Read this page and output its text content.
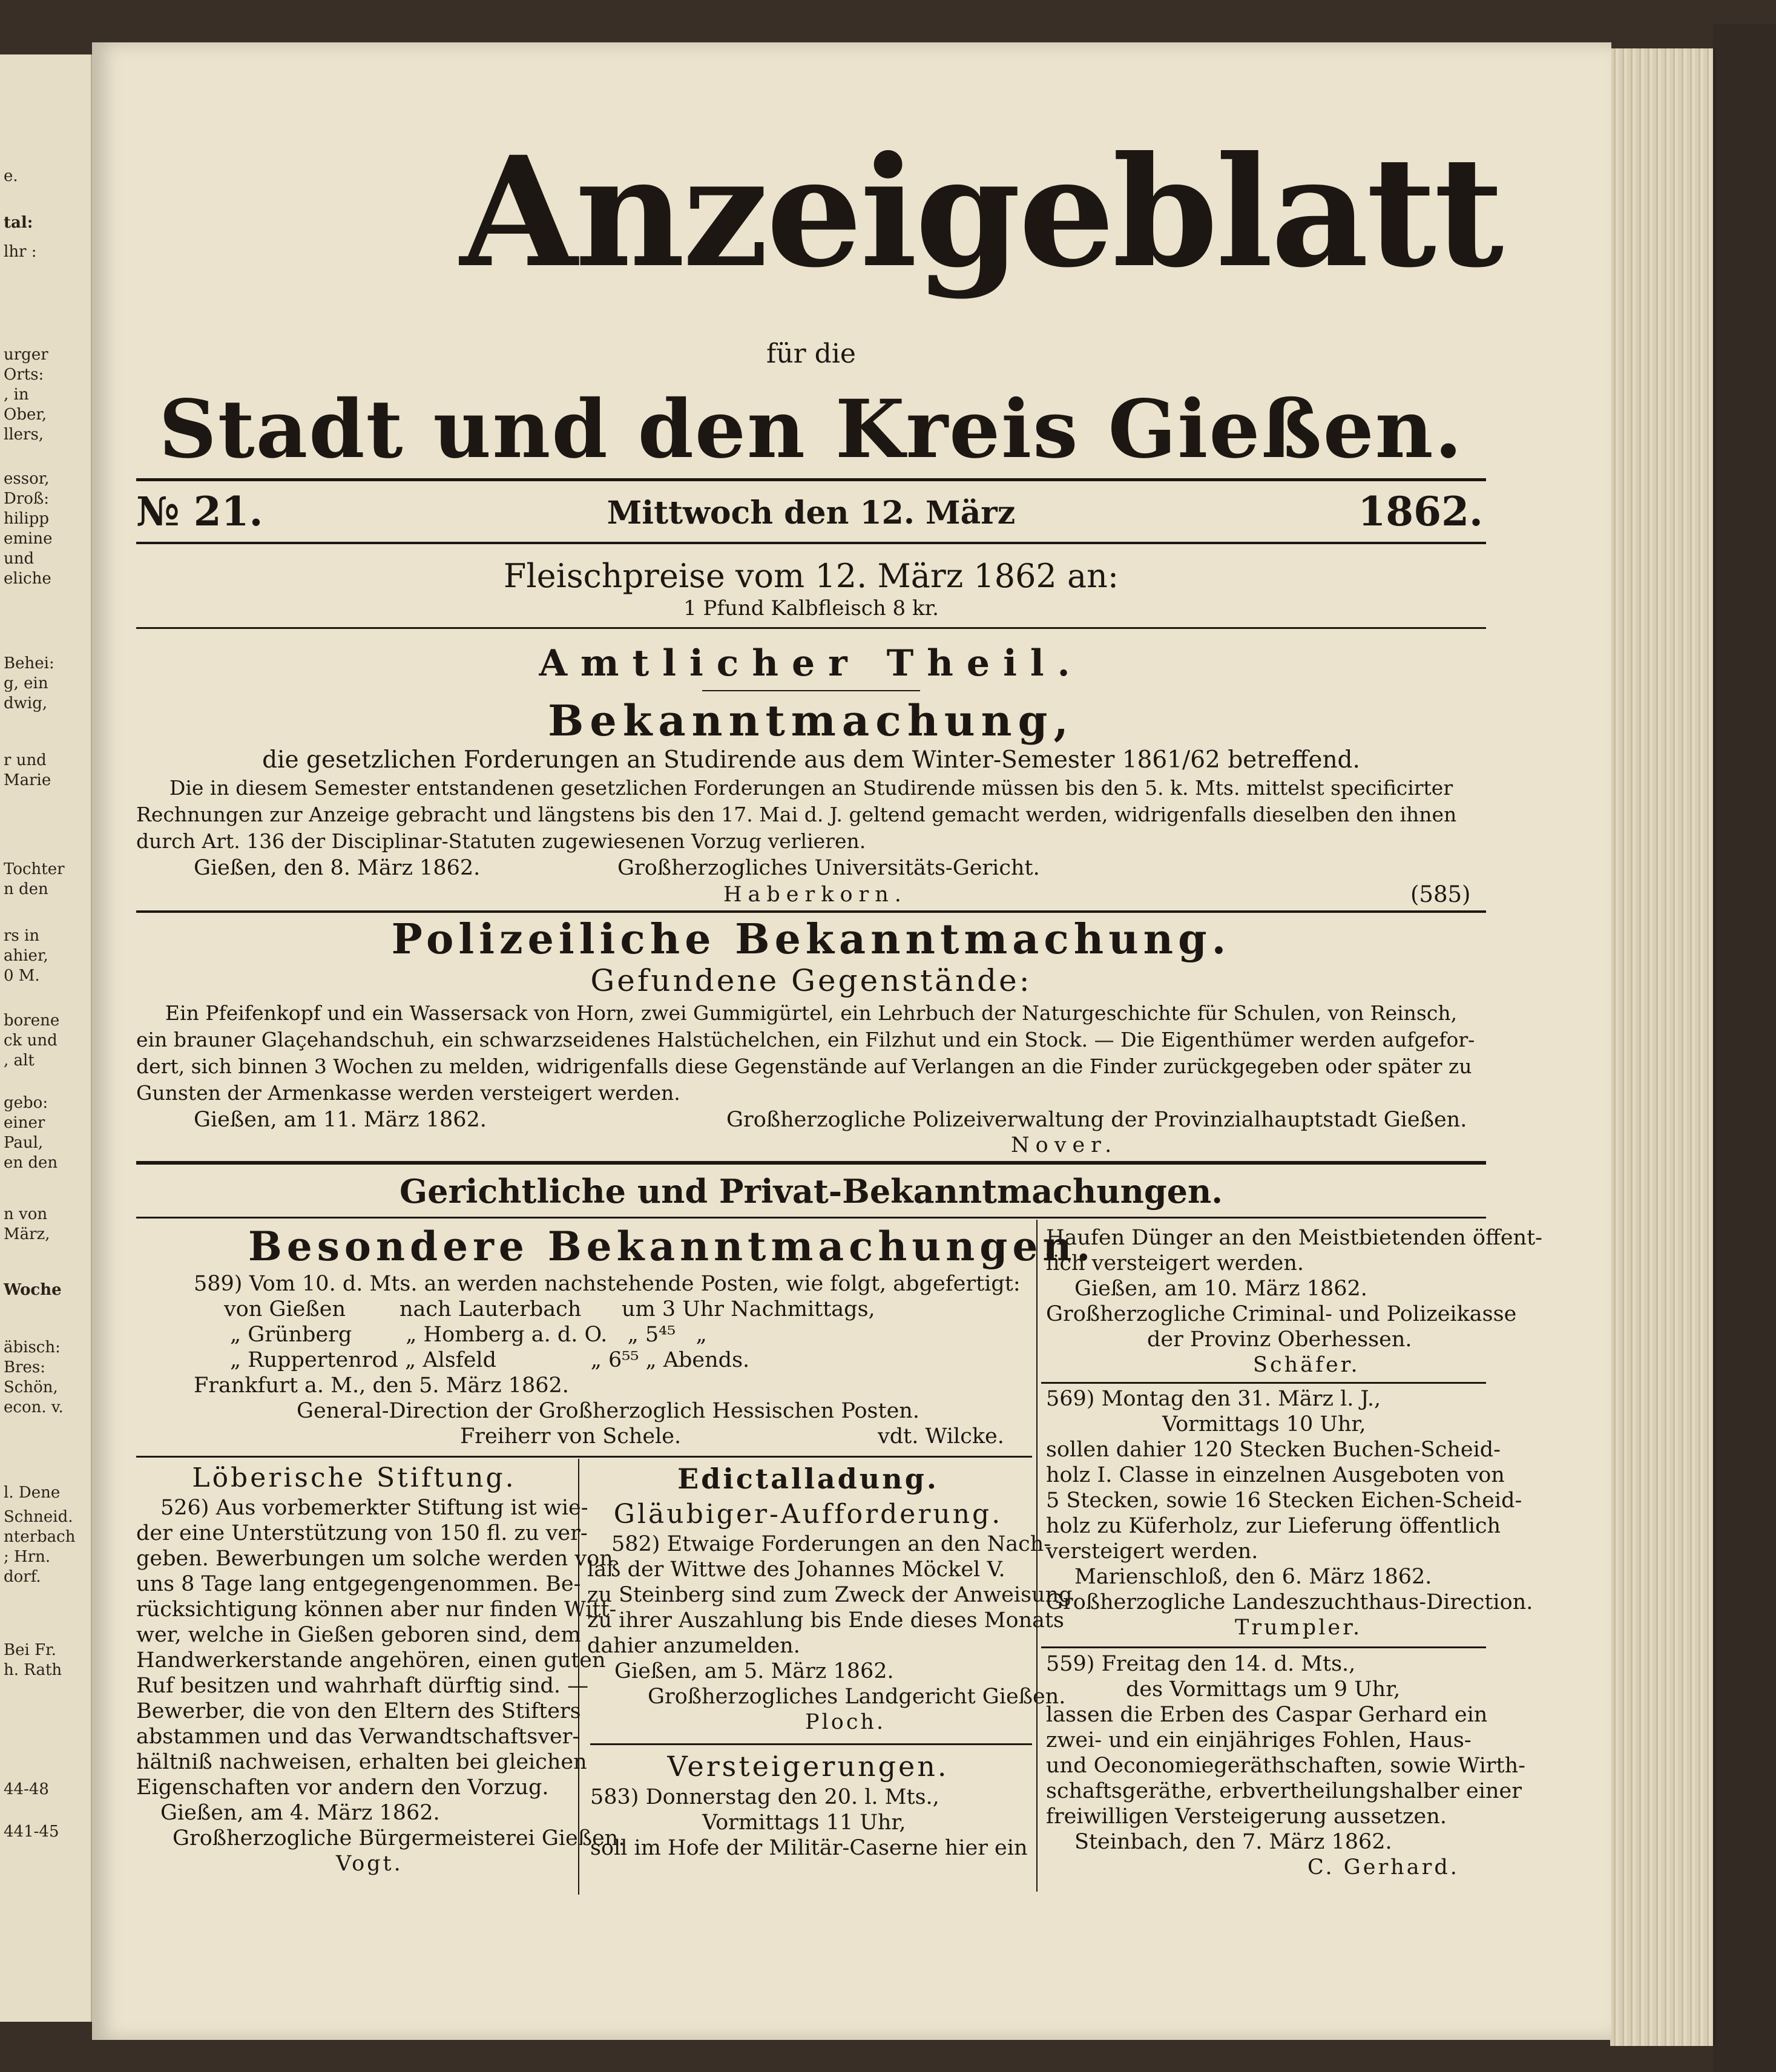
e.
tal:
lhr :
urger
Orts:
, in
Ober,
llers,
essor,
Droß:
hilipp
emine
und
eliche
Behei:
g, ein
dwig,
r und
Marie
Tochter
n den
rs in
ahier,
0 M.
borene
ck und
, alt
gebo:
einer
Paul,
en den
n von
März,
Woche
äbisch:
Bres:
Schön,
econ. v.
l. Dene
Schneid.
nterbach
; Hrn.
dorf.
Bei Fr.
h. Rath
44-48
441-45
Anzeigeblatt
für die
Stadt und den Kreis Gießen.
№ 21.	Mittwoch den 12. März	1862.
Fleischpreise vom 12. März 1862 an:
1 Pfund Kalbfleisch 8 kr.
Amtlicher Theil.
Bekanntmachung,
die gesetzlichen Forderungen an Studirende aus dem Winter-Semester 1861/62 betreffend.
Die in diesem Semester entstandenen gesetzlichen Forderungen an Studirende müssen bis den 5. k. Mts. mittelst specificirter
Rechnungen zur Anzeige gebracht und längstens bis den 17. Mai d. J. geltend gemacht werden, widrigenfalls dieselben den ihnen
durch Art. 136 der Disciplinar-Statuten zugewiesenen Vorzug verlieren.
Gießen, den 8. März 1862.	Großherzogliches Universitäts-Gericht.
Haberkorn.	(585)
Polizeiliche Bekanntmachung.
Gefundene Gegenstände:
Ein Pfeifenkopf und ein Wassersack von Horn, zwei Gummigürtel, ein Lehrbuch der Naturgeschichte für Schulen, von Reinsch,
ein brauner Glaçehandschuh, ein schwarzseidenes Halstüchelchen, ein Filzhut und ein Stock. — Die Eigenthümer werden aufgefor-
dert, sich binnen 3 Wochen zu melden, widrigenfalls diese Gegenstände auf Verlangen an die Finder zurückgegeben oder später zu
Gunsten der Armenkasse werden versteigert werden.
Gießen, am 11. März 1862.	Großherzogliche Polizeiverwaltung der Provinzialhauptstadt Gießen.
Nover.
Gerichtliche und Privat-Bekanntmachungen.
Besondere Bekanntmachungen.
589) Vom 10. d. Mts. an werden nachstehende Posten, wie folgt, abgefertigt:
von Gießen        nach Lauterbach      um 3 Uhr Nachmittags,
„ Grünberg        „ Homberg a. d. O.   „ 5⁴⁵   „
„ Ruppertenrod „ Alsfeld              „ 6⁵⁵ „ Abends.
Frankfurt a. M., den 5. März 1862.
General-Direction der Großherzoglich Hessischen Posten.
Freiherr von Schele.	vdt. Wilcke.
Haufen Dünger an den Meistbietenden öffent-
lich versteigert werden.
Gießen, am 10. März 1862.
Großherzogliche Criminal- und Polizeikasse
der Provinz Oberhessen.
Schäfer.
569) Montag den 31. März l. J.,
Vormittags 10 Uhr,
sollen dahier 120 Stecken Buchen-Scheid-
holz I. Classe in einzelnen Ausgeboten von
5 Stecken, sowie 16 Stecken Eichen-Scheid-
holz zu Küferholz, zur Lieferung öffentlich
versteigert werden.
Marienschloß, den 6. März 1862.
Großherzogliche Landeszuchthaus-Direction.
Trumpler.
559) Freitag den 14. d. Mts.,
des Vormittags um 9 Uhr,
lassen die Erben des Caspar Gerhard ein
zwei- und ein einjähriges Fohlen, Haus-
und Oeconomiegeräthschaften, sowie Wirth-
schaftsgeräthe, erbvertheilungshalber einer
freiwilligen Versteigerung aussetzen.
Steinbach, den 7. März 1862.
C. Gerhard.
Löberische Stiftung.
526) Aus vorbemerkter Stiftung ist wie-
der eine Unterstützung von 150 fl. zu ver-
geben. Bewerbungen um solche werden von
uns 8 Tage lang entgegengenommen. Be-
rücksichtigung können aber nur finden Witt-
wer, welche in Gießen geboren sind, dem
Handwerkerstande angehören, einen guten
Ruf besitzen und wahrhaft dürftig sind. —
Bewerber, die von den Eltern des Stifters
abstammen und das Verwandtschaftsver-
hältniß nachweisen, erhalten bei gleichen
Eigenschaften vor andern den Vorzug.
Gießen, am 4. März 1862.
Großherzogliche Bürgermeisterei Gießen.
Vogt.
Edictalladung.
Gläubiger-Aufforderung.
582) Etwaige Forderungen an den Nach-
laß der Wittwe des Johannes Möckel V.
zu Steinberg sind zum Zweck der Anweisung
zu ihrer Auszahlung bis Ende dieses Monats
dahier anzumelden.
Gießen, am 5. März 1862.
Großherzogliches Landgericht Gießen.
Ploch.
Versteigerungen.
583) Donnerstag den 20. l. Mts.,
Vormittags 11 Uhr,
soll im Hofe der Militär-Caserne hier ein
